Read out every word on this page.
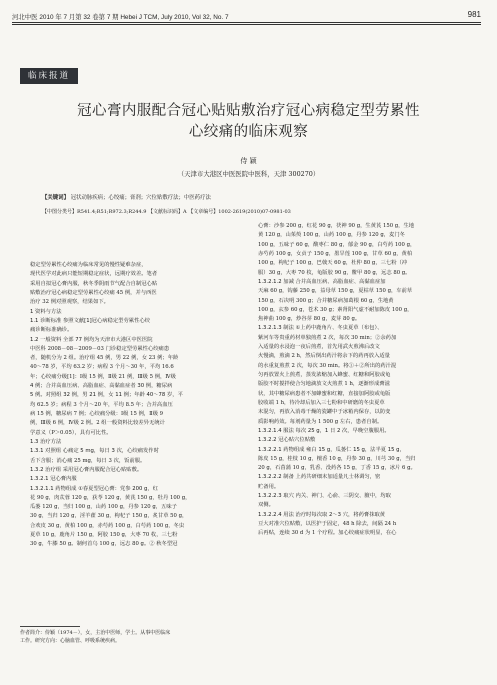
河北中医 2010 年 7 月第 32 卷第 7 期 Hebei J TCM, July 2010, Vol 32, No. 7	981
临床报道
冠心膏内服配合冠心贴贴敷治疗冠心病稳定型劳累性
心绞痛的临床观察
侍 颖
（天津市大港区中医医院中医科，天津 300270）
【关键词】 冠状动脉疾病；心绞痛；膏剂；穴位贴敷疗法；中医药疗法
【中图分类号】R541.4;R51;R972.3;R244.9 【文献标识码】A 【文章编号】1002-2619(2010)07-0981-03

稳定型劳累性心绞痛为临床常见的慢性疑难杂症，

现代医学对此病只能短期稳定症状，远期疗效差。笔者

采用自拟冠心膏内服，秋冬季阴雨节气配合自制冠心贴

贴敷治疗冠心病稳定型劳累性心绞痛 45 例，并与西医

治疗 32 例对照观察，结果如下。

1 资料与方法

1.1 诊断标准 参照文献[1]冠心病稳定型劳累性心绞

痛诊断标准确诊。

1.2 一般资料 全部 77 例均为天津市大港区中医医院

中医科 2008－08－2009－03 门诊稳定型劳累性心绞痛患

者，随机分为 2 组。治疗组 45 例，男 22 例，女 23 例；年龄

40～78 岁，平均 63.2 岁；病程 3 个月～30 年，平均 16.6

年；心绞痛分级[1]：Ⅰ级 15 例，Ⅱ级 21 例，Ⅲ级 5 例，Ⅳ级

4 例；合并高血压病、高脂血症、高黏血症者 30 例，糖尿病

5 例。对照组 32 例，男 21 例，女 11 例；年龄 40～78 岁，平

均 62.5 岁；病程 3 个月～20 年，平均 8.5 年；合并高血压

病 15 例，糖尿病 7 例；心绞痛分级：Ⅰ级 15 例，Ⅱ级 9

例，Ⅲ级 6 例，Ⅳ级 2 例。2 组一般资料比较差异无统计

学意义（P＞0.05），具有可比性。

1.3 治疗方法

1.3.1 对照组 心痛定 5 mg，每日 3 次，心绞痛发作时

舌下含服；消心痛 25 mg，每日 3 次，饭前服。

1.3.2 治疗组 采用冠心膏内服配合冠心贴贴敷。

1.3.2.1 冠心膏内服

1.3.2.1.1 药物组成 ①春夏型冠心膏：党参 200 g，红

花 90 g，肉苁蓉 120 g，获苓 120 g，黄芪 150 g，牡丹 100 g，

瓜蒌 120 g，当归 100 g，山药 100 g，丹参 120 g，五味子

30 g，当归 120 g，淫羊藿 30 g，枸杞子 150 g，炙甘草 50 g，

合欢皮 30 g，黄柏 100 g，赤芍药 100 g，白芍药 100 g，冬虫

夏草 10 g，鹿角片 150 g，阿胶 150 g，大枣 70 枚，三七粉

30 g，牛膝 50 g。制何首乌 100 g，远志 80 g。② 秋冬型冠

心膏：沙参 200 g，红花 90 g，茯神 90 g，生黄芪 150 g，生地

黄 120 g，山茱萸 100 g，山药 100 g，丹参 120 g，麦门冬

100 g，五味子 60 g，酸枣仁 80 g，郁金 90 g，白芍药 100 g，

赤芍药 100 g，女贞子 150 g，墨旱莲 100 g，甘草 60 g，黄柏

100 g，枸杞子 100 g，巴戟天 60 g，杜仲 80 g，三七粉（冲

服）30 g，大枣 70 枚，龟版胶 90 g，鳖甲 80 g，远志 80 g。

1.3.2.1.2 加减 合并高血压病、高脂血症、高黏血症加

天麻 60 g，钩藤 250 g，益母草 150 g，夏枯草 150 g，车前草

150 g，石决明 300 g；合并糖尿病加葛根 60 g，生地黄

100 g，玄参 60 g，苍术 30 g；素肾阳气虚不耐加陈皮 100 g，

焦神曲 100 g，炒谷芽 80 g，麦芽 80 g。

1.3.2.1.3 制法 ①上药中鹿角片、冬虫夏草（布包）、

紫河车等贵重药材单独煎煮 2 次，每次 30 min；②余药加

入适量的水浸泡一夜后煎煮，首先用武火煎沸后改文

火慢滴，煎滴 2 h，然后倒出药汁将余下的药再放入适量

的水重复煎煮 2 次，每次 30 min。将①＋②所出的药汁混

匀再放置火上煎煮，蒸发浓缩加入蜂蜜、红糖和阿胶或龟

版胶不时搅拌使合匀地滴放文火煎煮 1 h，逐渐形成膏滋

状，其中糖尿病患者不加蜂蜜和红糖，直接加阿胶或龟版

胶收端 1 h，待冷却后加入三七粉和中研磨的冬虫夏草

末混匀，再放入消毒干燥的瓷罐中于冰箱内保存，以防变

质影响药效。每剂药量为 1 500 g 左右，患者自制。

1.3.2.1.4 服法 每次 25 g，1 日 2 次，早晚空腹服用。

1.3.2.2 冠心贴穴位贴敷

1.3.2.2.1 药物组成 雍白 15 g，瓜蒌仁 15 g，法半夏 15 g，

陈皮 15 g，桂枝 10 g，檀香 10 g，丹参 30 g，川芎 30 g，当归

20 g，石菖蒲 10 g，乳香、没药各 15 g，丁香 15 g，冰片 6 g。

1.3.2.2.2 制备 上药共研细末加适量凡士林调匀，密

贮备用。

1.3.2.2.3 取穴 内关、神门、心俞、三阴交、膻中，均取

双侧。

1.3.2.2.4 用法 治疗时每次取 2～3 穴，将药膏抹取黄

豆大对准穴位贴敷，以医护于固定，48 h 除去，间隔 24 h

后再贴，连续 30 d 为 1 个疗程。加心绞痛症状明显，在心

作者简介：侍颖（1974－），女，主治中医师，学士。从事中医临床

工作。研究方向：心脑血管、呼吸系统疾病。
